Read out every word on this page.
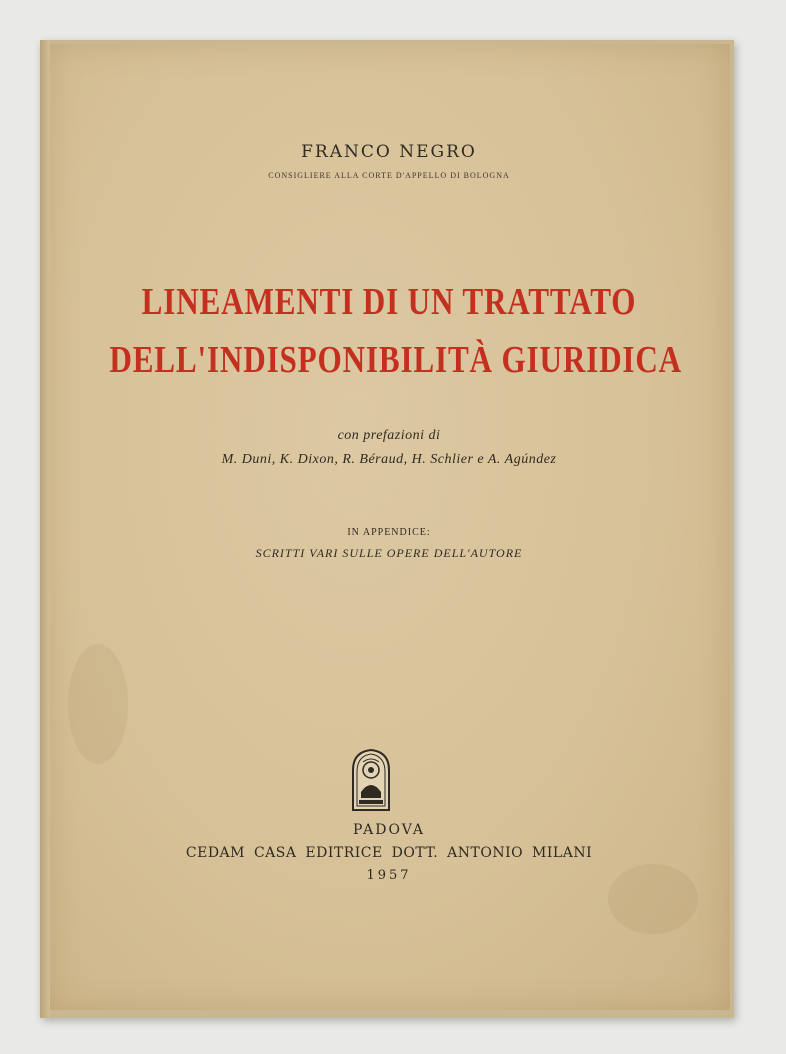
FRANCO NEGRO
CONSIGLIERE ALLA CORTE D'APPELLO DI BOLOGNA
LINEAMENTI DI UN TRATTATO
DELL'INDISPONIBILITÀ GIURIDICA
con prefazioni di
M. Duni, K. Dixon, R. Béraud, H. Schlier e A. Agúndez
IN APPENDICE:
SCRITTI VARI SULLE OPERE DELL'AUTORE
PADOVA
CEDAM CASA EDITRICE DOTT. ANTONIO MILANI
1957
